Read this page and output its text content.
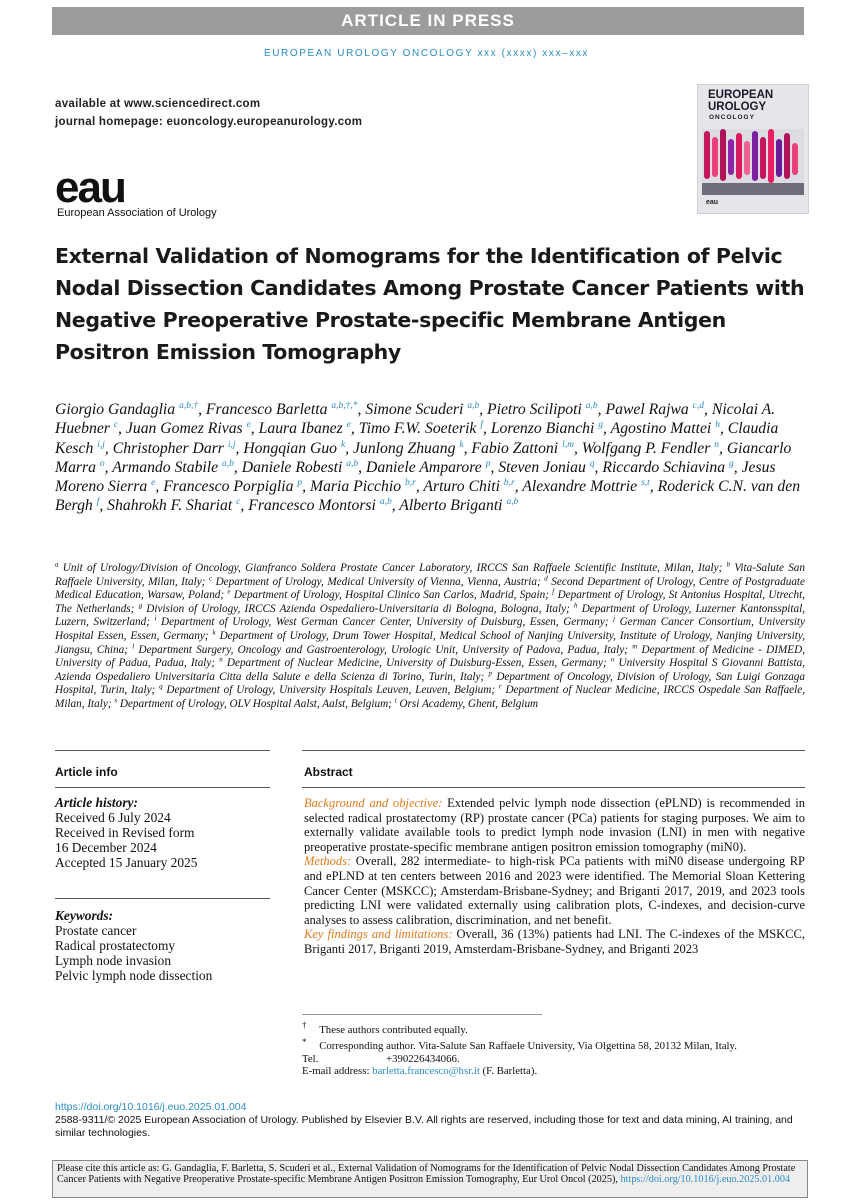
ARTICLE IN PRESS
EUROPEAN UROLOGY ONCOLOGY xxx (xxxx) xxx–xxx
available at www.sciencedirect.com
journal homepage: euoncology.europeanurology.com
eau
European Association of Urology
EUROPEAN
UROLOGY
ONCOLOGY
eau
External Validation of Nomograms for the Identification of Pelvic Nodal Dissection Candidates Among Prostate Cancer Patients with Negative Preoperative Prostate-specific Membrane Antigen Positron Emission Tomography
Giorgio Gandaglia $^{a,b,\dagger}$, Francesco Barletta $^{a,b,\dagger,*}$, Simone Scuderi $^{a,b}$, Pietro Scilipoti $^{a,b}$, Pawel Rajwa $^{c,d}$, Nicolai A. Huebner $^c$, Juan Gomez Rivas $^e$, Laura Ibanez $^e$, Timo F.W. Soeterik $^f$, Lorenzo Bianchi $^g$, Agostino Mattei $^h$, Claudia Kesch $^{i,j}$, Christopher Darr $^{i,j}$, Hongqian Guo $^k$, Junlong Zhuang $^k$, Fabio Zattoni $^{l,m}$, Wolfgang P. Fendler $^n$, Giancarlo Marra $^o$, Armando Stabile $^{a,b}$, Daniele Robesti $^{a,b}$, Daniele Amparore $^p$, Steven Joniau $^q$, Riccardo Schiavina $^g$, Jesus Moreno Sierra $^e$, Francesco Porpiglia $^p$, Maria Picchio $^{b,r}$, Arturo Chiti $^{b,r}$, Alexandre Mottrie $^{s,t}$, Roderick C.N. van den Bergh $^f$, Shahrokh F. Shariat $^c$, Francesco Montorsi $^{a,b}$, Alberto Briganti $^{a,b}$
$^a$ Unit of Urology/Division of Oncology, Gianfranco Soldera Prostate Cancer Laboratory, IRCCS San Raffaele Scientific Institute, Milan, Italy; $^b$ Vita-Salute San Raffaele University, Milan, Italy; $^c$ Department of Urology, Medical University of Vienna, Vienna, Austria; $^d$ Second Department of Urology, Centre of Postgraduate Medical Education, Warsaw, Poland; $^e$ Department of Urology, Hospital Clinico San Carlos, Madrid, Spain; $^f$ Department of Urology, St Antonius Hospital, Utrecht, The Netherlands; $^g$ Division of Urology, IRCCS Azienda Ospedaliero-Universitaria di Bologna, Bologna, Italy; $^h$ Department of Urology, Luzerner Kantonsspital, Luzern, Switzerland; $^i$ Department of Urology, West German Cancer Center, University of Duisburg, Essen, Germany; $^j$ German Cancer Consortium, University Hospital Essen, Essen, Germany; $^k$ Department of Urology, Drum Tower Hospital, Medical School of Nanjing University, Institute of Urology, Nanjing University, Jiangsu, China; $^l$ Department Surgery, Oncology and Gastroenterology, Urologic Unit, University of Padova, Padua, Italy; $^m$ Department of Medicine - DIMED, University of Padua, Padua, Italy; $^n$ Department of Nuclear Medicine, University of Duisburg-Essen, Essen, Germany; $^o$ University Hospital S Giovanni Battista, Azienda Ospedaliero Universitaria Citta della Salute e della Scienza di Torino, Turin, Italy; $^p$ Department of Oncology, Division of Urology, San Luigi Gonzaga Hospital, Turin, Italy; $^q$ Department of Urology, University Hospitals Leuven, Leuven, Belgium; $^r$ Department of Nuclear Medicine, IRCCS Ospedale San Raffaele, Milan, Italy; $^s$ Department of Urology, OLV Hospital Aalst, Aalst, Belgium; $^t$ Orsi Academy, Ghent, Belgium
Article info
Article history:
Received 6 July 2024
Received in Revised form
16 December 2024
Accepted 15 January 2025
Keywords:
Prostate cancer
Radical prostatectomy
Lymph node invasion
Pelvic lymph node dissection
Abstract
Background and objective: Extended pelvic lymph node dissection (ePLND) is recommended in selected radical prostatectomy (RP) prostate cancer (PCa) patients for staging purposes. We aim to externally validate available tools to predict lymph node invasion (LNI) in men with negative preoperative prostate-specific membrane antigen positron emission tomography (miN0).
Methods: Overall, 282 intermediate- to high-risk PCa patients with miN0 disease undergoing RP and ePLND at ten centers between 2016 and 2023 were identified. The Memorial Sloan Kettering Cancer Center (MSKCC); Amsterdam-Brisbane-Sydney; and Briganti 2017, 2019, and 2023 tools predicting LNI were validated externally using calibration plots, C-indexes, and decision-curve analyses to assess calibration, discrimination, and net benefit.
Key findings and limitations: Overall, 36 (13%) patients had LNI. The C-indexes of the MSKCC, Briganti 2017, Briganti 2019, Amsterdam-Brisbane-Sydney, and Briganti 2023
† These authors contributed equally.
* Corresponding author. Vita-Salute San Raffaele University, Via Olgettina 58, 20132 Milan, Italy.
Tel.	+390226434066.
E-mail address: barletta.francesco@hsr.it (F. Barletta).
https://doi.org/10.1016/j.euo.2025.01.004
2588-9311/© 2025 European Association of Urology. Published by Elsevier B.V. All rights are reserved, including those for text and data mining, AI training, and similar technologies.
Please cite this article as: G. Gandaglia, F. Barletta, S. Scuderi et al., External Validation of Nomograms for the Identification of Pelvic Nodal Dissection Candidates Among Prostate Cancer Patients with Negative Preoperative Prostate-specific Membrane Antigen Positron Emission Tomography, Eur Urol Oncol (2025), https://doi.org/10.1016/j.euo.2025.01.004
